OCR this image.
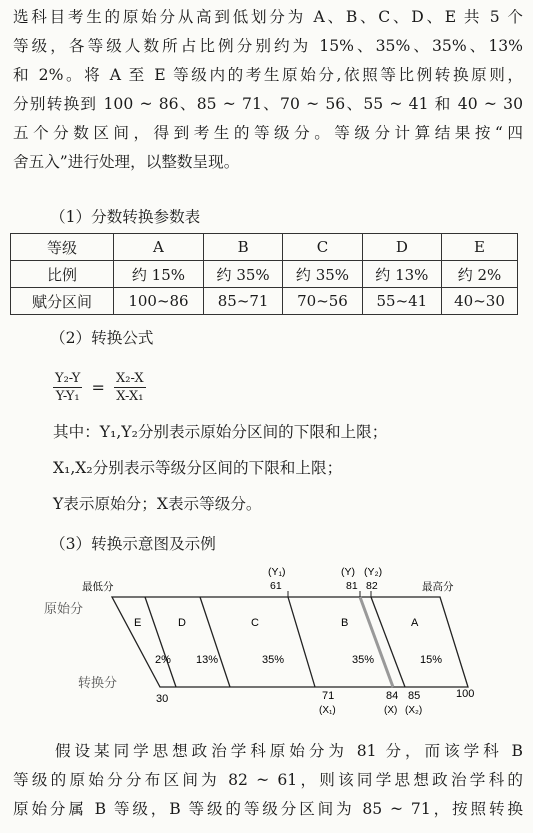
选科目考生的原始分从高到低划分为 A、B、C、D、E 共 5 个
等级，各等级人数所占比例分别约为 15%、35%、35%、13%
和 2%。将 A 至 E 等级内的考生原始分,依照等比例转换原则，
分别转换到 100 ~ 86、85 ~ 71、70 ~ 56、55 ~ 41 和 40 ~ 30
五个分数区间，得到考生的等级分。等级分计算结果按“四
舍五入”进行处理，以整数呈现。

（1）分数转换参数表

等级	A	B	C	D	E
比例	约 15%	约 35%	约 35%	约 13%	约 2%
赋分区间	100~86	85~71	70~56	55~41	40~30

（2）转换公式

$\frac{\text{Y₂-Y}}{\text{Y-Y₁}} = \frac{\text{X₂-X}}{\text{X-X₁}}$

其中：Y₁,Y₂分别表示原始分区间的下限和上限；

X₁,X₂分别表示等级分区间的下限和上限；

Y表示原始分；X表示等级分。

（3）转换示意图及示例

原始分
转换分
最低分	最高分
(Y₁)
61
(Y) (Y₂)
81 82
E	D	C	B	A
2% 13%	35%	35%	15%
30	71	84 85	100
(X₁)	(X) (X₂)
假设某同学思想政治学科原始分为 81 分，而该学科 B
等级的原始分分布区间为 82 ~ 61，则该同学思想政治学科的
原始分属 B 等级，B 等级的等级分区间为 85 ~ 71，按照转换
